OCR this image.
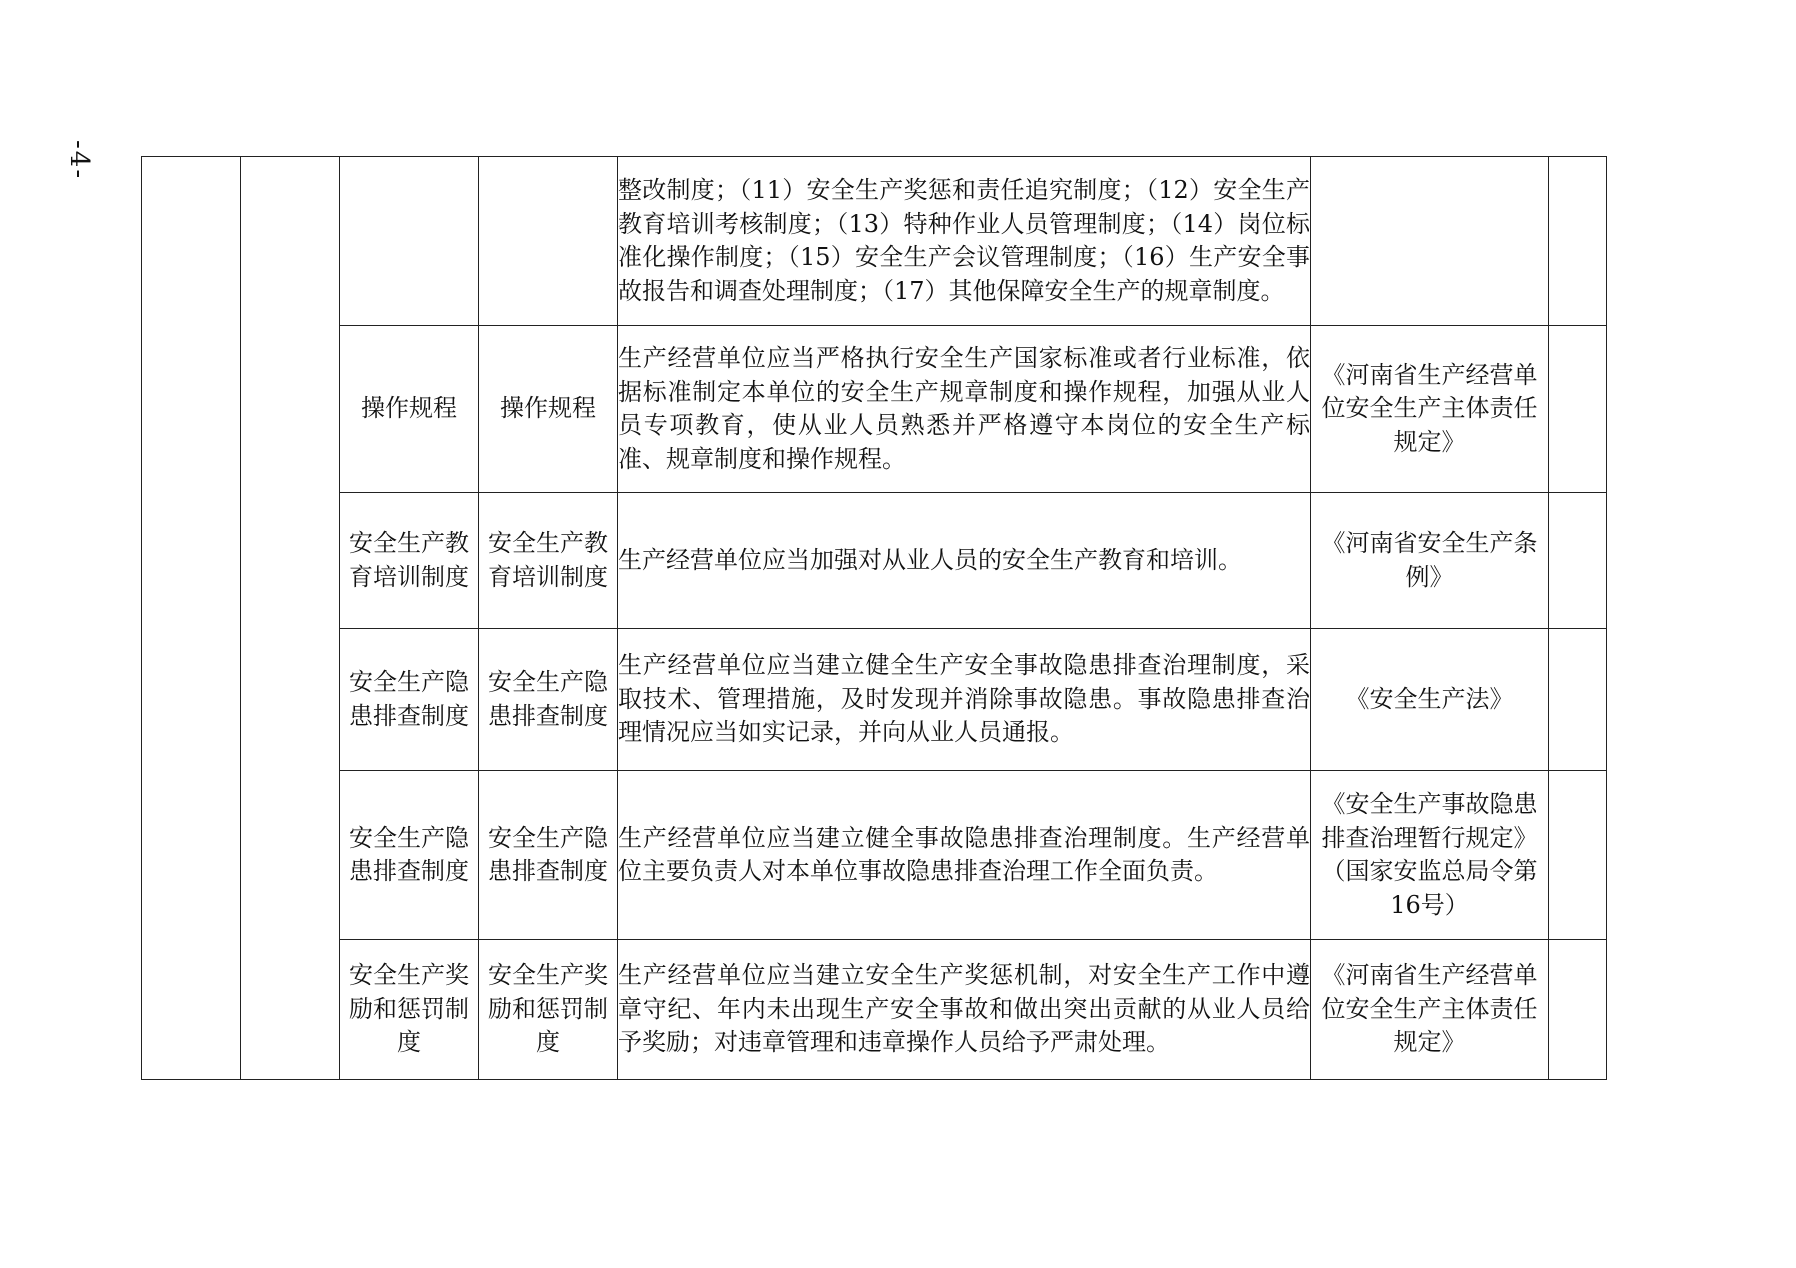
-4-
				整改制度；（11）安全生产奖惩和责任追究制度；（12）安全生产教育培训考核制度；（13）特种作业人员管理制度；（14）岗位标准化操作制度；（15）安全生产会议管理制度；（16）生产安全事故报告和调查处理制度；（17）其他保障安全生产的规章制度。		
		操作规程	操作规程	生产经营单位应当严格执行安全生产国家标准或者行业标准，依据标准制定本单位的安全生产规章制度和操作规程，加强从业人员专项教育，使从业人员熟悉并严格遵守本岗位的安全生产标准、规章制度和操作规程。	《河南省生产经营单位安全生产主体责任规定》	
		安全生产教育培训制度	安全生产教育培训制度	生产经营单位应当加强对从业人员的安全生产教育和培训。	《河南省安全生产条例》	
		安全生产隐患排查制度	安全生产隐患排查制度	生产经营单位应当建立健全生产安全事故隐患排查治理制度，采取技术、管理措施，及时发现并消除事故隐患。事故隐患排查治理情况应当如实记录，并向从业人员通报。	《安全生产法》	
		安全生产隐患排查制度	安全生产隐患排查制度	生产经营单位应当建立健全事故隐患排查治理制度。生产经营单位主要负责人对本单位事故隐患排查治理工作全面负责。	《安全生产事故隐患排查治理暂行规定》（国家安监总局令第16号）	
		安全生产奖励和惩罚制度	安全生产奖励和惩罚制度	生产经营单位应当建立安全生产奖惩机制，对安全生产工作中遵章守纪、年内未出现生产安全事故和做出突出贡献的从业人员给予奖励；对违章管理和违章操作人员给予严肃处理。	《河南省生产经营单位安全生产主体责任规定》	
